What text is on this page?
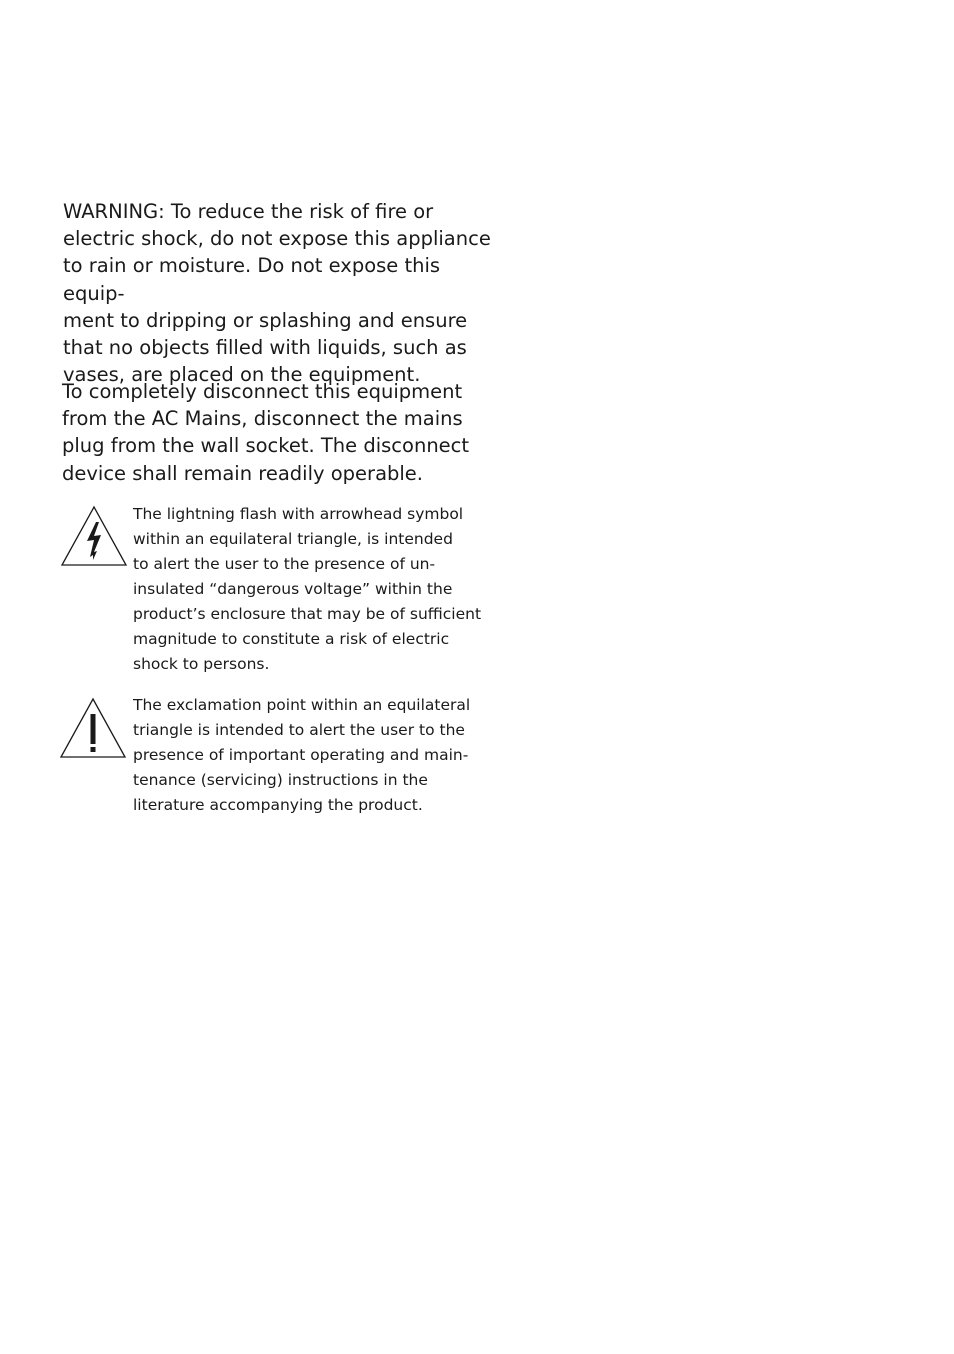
WARNING: To reduce the risk of fire or
electric shock, do not expose this appliance
to rain or moisture. Do not expose this equip-
ment to dripping or splashing and ensure
that no objects filled with liquids, such as
vases, are placed on the equipment.

To completely disconnect this equipment
from the AC Mains, disconnect the mains
plug from the wall socket. The disconnect
device shall remain readily operable.

The lightning flash with arrowhead symbol
within an equilateral triangle, is intended
to alert the user to the presence of un-
insulated “dangerous voltage” within the
product’s enclosure that may be of sufficient
magnitude to constitute a risk of electric
shock to persons.

The exclamation point within an equilateral
triangle is intended to alert the user to the
presence of important operating and main-
tenance (servicing) instructions in the
literature accompanying the product.
